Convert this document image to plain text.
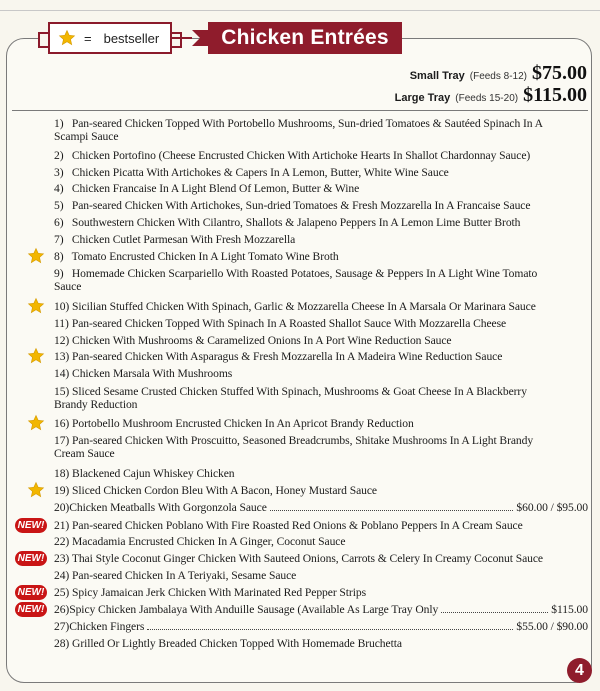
= bestseller	Chicken Entrées
Small Tray (Feeds 8-12) $75.00
Large Tray (Feeds 15-20) $115.00
1) Pan-seared Chicken Topped With Portobello Mushrooms, Sun-dried Tomatoes & Sautéed Spinach In A Scampi Sauce
2) Chicken Portofino (Cheese Encrusted Chicken With Artichoke Hearts In Shallot Chardonnay Sauce)
3) Chicken Picatta With Artichokes & Capers In A Lemon, Butter, White Wine Sauce
4) Chicken Francaise In A Light Blend Of Lemon, Butter & Wine
5) Pan-seared Chicken With Artichokes, Sun-dried Tomatoes & Fresh Mozzarella In A Francaise Sauce
6) Southwestern Chicken With Cilantro, Shallots & Jalapeno Peppers In A Lemon Lime Butter Broth
7) Chicken Cutlet Parmesan With Fresh Mozzarella
8) Tomato Encrusted Chicken In A Light Tomato Wine Broth
9) Homemade Chicken Scarpariello With Roasted Potatoes, Sausage & Peppers In A Light Wine Tomato Sauce
10) Sicilian Stuffed Chicken With Spinach, Garlic & Mozzarella Cheese In A Marsala Or Marinara Sauce
11) Pan-seared Chicken Topped With Spinach In A Roasted Shallot Sauce With Mozzarella Cheese
12) Chicken With Mushrooms & Caramelized Onions In A Port Wine Reduction Sauce
13) Pan-seared Chicken With Asparagus & Fresh Mozzarella In A Madeira Wine Reduction Sauce
14) Chicken Marsala With Mushrooms
15) Sliced Sesame Crusted Chicken Stuffed With Spinach, Mushrooms & Goat Cheese In A Blackberry Brandy Reduction
16) Portobello Mushroom Encrusted Chicken In An Apricot Brandy Reduction
17) Pan-seared Chicken With Proscuitto, Seasoned Breadcrumbs, Shitake Mushrooms In A Light Brandy Cream Sauce
18) Blackened Cajun Whiskey Chicken
19) Sliced Chicken Cordon Bleu With A Bacon, Honey Mustard Sauce
20) Chicken Meatballs With Gorgonzola Sauce	$60.00 / $95.00
21) Pan-seared Chicken Poblano With Fire Roasted Red Onions & Poblano Peppers In A Cream Sauce
NEW!
22) Macadamia Encrusted Chicken In A Ginger, Coconut Sauce
23) Thai Style Coconut Ginger Chicken With Sauteed Onions, Carrots & Celery In Creamy Coconut Sauce
NEW!
24) Pan-seared Chicken In A Teriyaki, Sesame Sauce
25) Spicy Jamaican Jerk Chicken With Marinated Red Pepper Strips
NEW!
26) Spicy Chicken Jambalaya With Anduille Sausage (Available As Large Tray Only	$115.00
NEW!
27) Chicken Fingers	$55.00 / $90.00
28) Grilled Or Lightly Breaded Chicken Topped With Homemade Bruchetta
4
